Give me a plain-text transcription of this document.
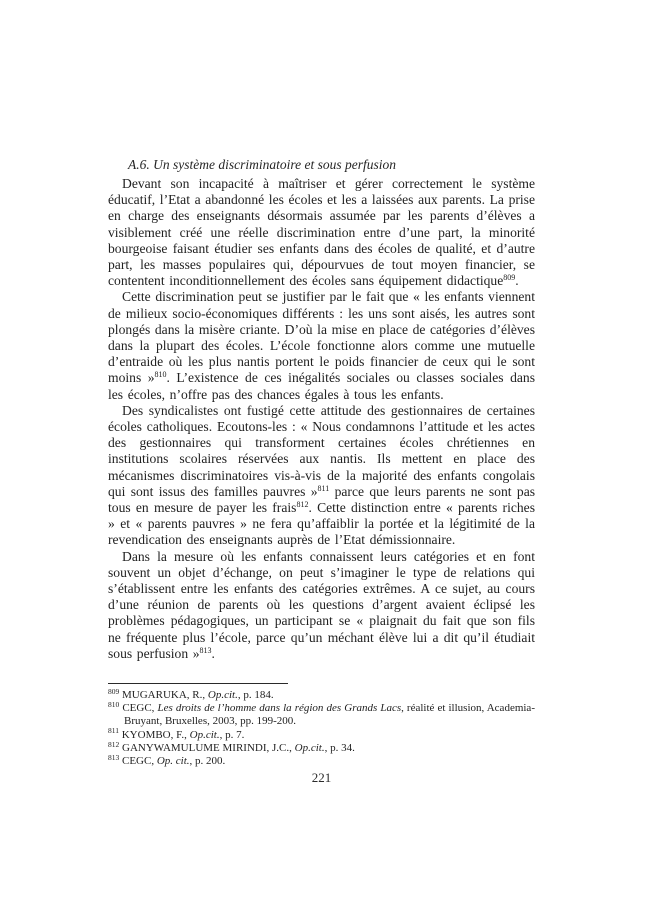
A.6. Un système discriminatoire et sous perfusion

Devant son incapacité à maîtriser et gérer correctement le système éducatif, l’Etat a abandonné les écoles et les a laissées aux parents. La prise en charge des enseignants désormais assumée par les parents d’élèves a visiblement créé une réelle discrimination entre d’une part, la minorité bourgeoise faisant étudier ses enfants dans des écoles de qualité, et d’autre part, les masses populaires qui, dépourvues de tout moyen financier, se contentent inconditionnellement des écoles sans équipement didactique$^{809}$.

Cette discrimination peut se justifier par le fait que « les enfants viennent de milieux socio-économiques différents : les uns sont aisés, les autres sont plongés dans la misère criante. D’où la mise en place de catégories d’élèves dans la plupart des écoles. L’école fonctionne alors comme une mutuelle d’entraide où les plus nantis portent le poids financier de ceux qui le sont moins »$^{810}$. L’existence de ces inégalités sociales ou classes sociales dans les écoles, n’offre pas des chances égales à tous les enfants.

Des syndicalistes ont fustigé cette attitude des gestionnaires de certaines écoles catholiques. Ecoutons-les : « Nous condamnons l’attitude et les actes des gestionnaires qui transforment certaines écoles chrétiennes en institutions scolaires réservées aux nantis. Ils mettent en place des mécanismes discriminatoires vis-à-vis de la majorité des enfants congolais qui sont issus des familles pauvres »$^{811}$ parce que leurs parents ne sont pas tous en mesure de payer les frais$^{812}$. Cette distinction entre « parents riches » et « parents pauvres » ne fera qu’affaiblir la portée et la légitimité de la revendication des enseignants auprès de l’Etat démissionnaire.

Dans la mesure où les enfants connaissent leurs catégories et en font souvent un objet d’échange, on peut s’imaginer le type de relations qui s’établissent entre les enfants des catégories extrêmes. A ce sujet, au cours d’une réunion de parents où les questions d’argent avaient éclipsé les problèmes pédagogiques, un participant se « plaignait du fait que son fils ne fréquente plus l’école, parce qu’un méchant élève lui a dit qu’il étudiait sous perfusion »$^{813}$.

$^{809}$ MUGARUKA, R., Op.cit., p. 184.

$^{810}$ CEGC, Les droits de l’homme dans la région des Grands Lacs, réalité et illusion, Academia-Bruyant, Bruxelles, 2003, pp. 199-200.

$^{811}$ KYOMBO, F., Op.cit., p. 7.

$^{812}$ GANYWAMULUME MIRINDI, J.C., Op.cit., p. 34.

$^{813}$ CEGC, Op. cit., p. 200.

221
